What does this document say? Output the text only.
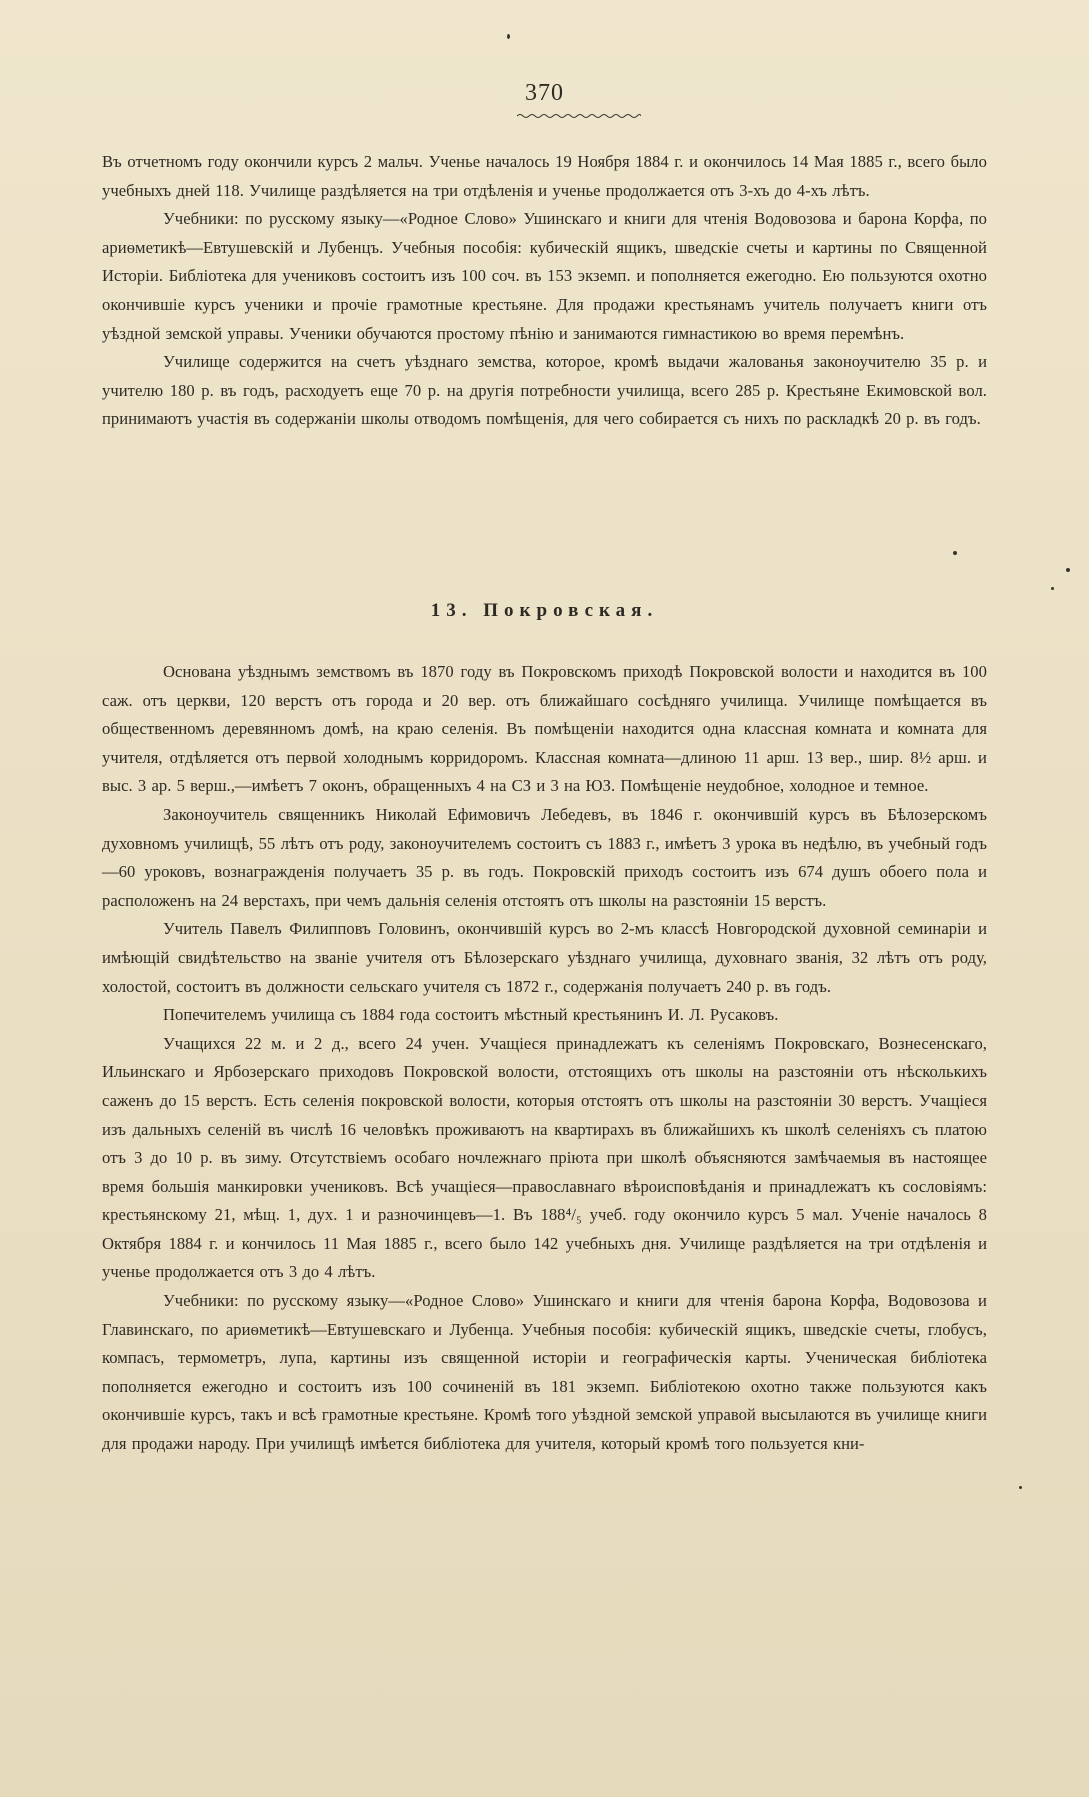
370

Въ отчетномъ году окончили курсъ 2 мальч. Ученье началось 19 Ноября 1884 г. и окончилось 14 Мая 1885 г., всего было учебныхъ дней 118. Училище раздѣляется на три отдѣленія и ученье продолжается отъ 3-хъ до 4-хъ лѣтъ.

Учебники: по русскому языку—«Родное Слово» Ушинскаго и книги для чтенія Водовозова и барона Корфа, по ариѳметикѣ—Евтушевскій и Лубенцъ. Учебныя пособія: кубическій ящикъ, шведскіе счеты и картины по Священной Исторіи. Библіотека для учениковъ состоитъ изъ 100 соч. въ 153 экземп. и пополняется ежегодно. Ею пользуются охотно окончившіе курсъ ученики и прочіе грамотные крестьяне. Для продажи крестьянамъ учитель получаетъ книги отъ уѣздной земской управы. Ученики обучаются простому пѣнію и занимаются гимнастикою во время перемѣнъ.

Училище содержится на счетъ уѣзднаго земства, которое, кромѣ выдачи жалованья законоучителю 35 р. и учителю 180 р. въ годъ, расходуетъ еще 70 р. на другія потребности училища, всего 285 р. Крестьяне Екимовской вол. принимаютъ участія въ содержаніи школы отводомъ помѣщенія, для чего собирается съ нихъ по раскладкѣ 20 р. въ годъ.

13. Покровская.

Основана уѣзднымъ земствомъ въ 1870 году въ Покровскомъ приходѣ Покровской волости и находится въ 100 саж. отъ церкви, 120 верстъ отъ города и 20 вер. отъ ближайшаго сосѣдняго училища. Училище помѣщается въ общественномъ деревянномъ домѣ, на краю селенія. Въ помѣщеніи находится одна классная комната и комната для учителя, отдѣляется отъ первой холоднымъ корридоромъ. Классная комната—длиною 11 арш. 13 вер., шир. 8½ арш. и выс. 3 ар. 5 верш.,—имѣетъ 7 оконъ, обращенныхъ 4 на СЗ и 3 на ЮЗ. Помѣщеніе неудобное, холодное и темное.

Законоучитель священникъ Николай Ефимовичъ Лебедевъ, въ 1846 г. окончившій курсъ въ Бѣлозерскомъ духовномъ училищѣ, 55 лѣтъ отъ роду, законоучителемъ состоитъ съ 1883 г., имѣетъ 3 урока въ недѣлю, въ учебный годъ—60 уроковъ, вознагражденія получаетъ 35 р. въ годъ. Покровскій приходъ состоитъ изъ 674 душъ обоего пола и расположенъ на 24 верстахъ, при чемъ дальнія селенія отстоятъ отъ школы на разстояніи 15 верстъ.

Учитель Павелъ Филипповъ Головинъ, окончившій курсъ во 2-мъ классѣ Новгородской духовной семинаріи и имѣющій свидѣтельство на званіе учителя отъ Бѣлозерскаго уѣзднаго училища, духовнаго званія, 32 лѣтъ отъ роду, холостой, состоитъ въ должности сельскаго учителя съ 1872 г., содержанія получаетъ 240 р. въ годъ.

Попечителемъ училища съ 1884 года состоитъ мѣстный крестьянинъ И. Л. Русаковъ.

Учащихся 22 м. и 2 д., всего 24 учен. Учащіеся принадлежатъ къ селеніямъ Покровскаго, Вознесенскаго, Ильинскаго и Ярбозерскаго приходовъ Покровской волости, отстоящихъ отъ школы на разстояніи отъ нѣсколькихъ саженъ до 15 верстъ. Есть селенія покровской волости, которыя отстоятъ отъ школы на разстояніи 30 верстъ. Учащіеся изъ дальныхъ селеній въ числѣ 16 человѣкъ проживаютъ на квартирахъ въ ближайшихъ къ школѣ селеніяхъ съ платою отъ 3 до 10 р. въ зиму. Отсутствіемъ особаго ночлежнаго пріюта при школѣ объясняются замѣчаемыя въ настоящее время большія манкировки учениковъ. Всѣ учащіеся—православнаго вѣроисповѣданія и принадлежатъ къ сословіямъ: крестьянскому 21, мѣщ. 1, дух. 1 и разночинцевъ—1. Въ 188⁴/₅ учеб. году окончило курсъ 5 мал. Ученіе началось 8 Октября 1884 г. и кончилось 11 Мая 1885 г., всего было 142 учебныхъ дня. Училище раздѣляется на три отдѣленія и ученье продолжается отъ 3 до 4 лѣтъ.

Учебники: по русскому языку—«Родное Слово» Ушинскаго и книги для чтенія барона Корфа, Водовозова и Главинскаго, по ариѳметикѣ—Евтушевскаго и Лубенца. Учебныя пособія: кубическій ящикъ, шведскіе счеты, глобусъ, компасъ, термометръ, лупа, картины изъ священной исторіи и географическія карты. Ученическая библіотека пополняется ежегодно и состоитъ изъ 100 сочиненій въ 181 экземп. Библіотекою охотно также пользуются какъ окончившіе курсъ, такъ и всѣ грамотные крестьяне. Кромѣ того уѣздной земской управой высылаются въ училище книги для продажи народу. При училищѣ имѣется библіотека для учителя, который кромѣ того пользуется кни-
